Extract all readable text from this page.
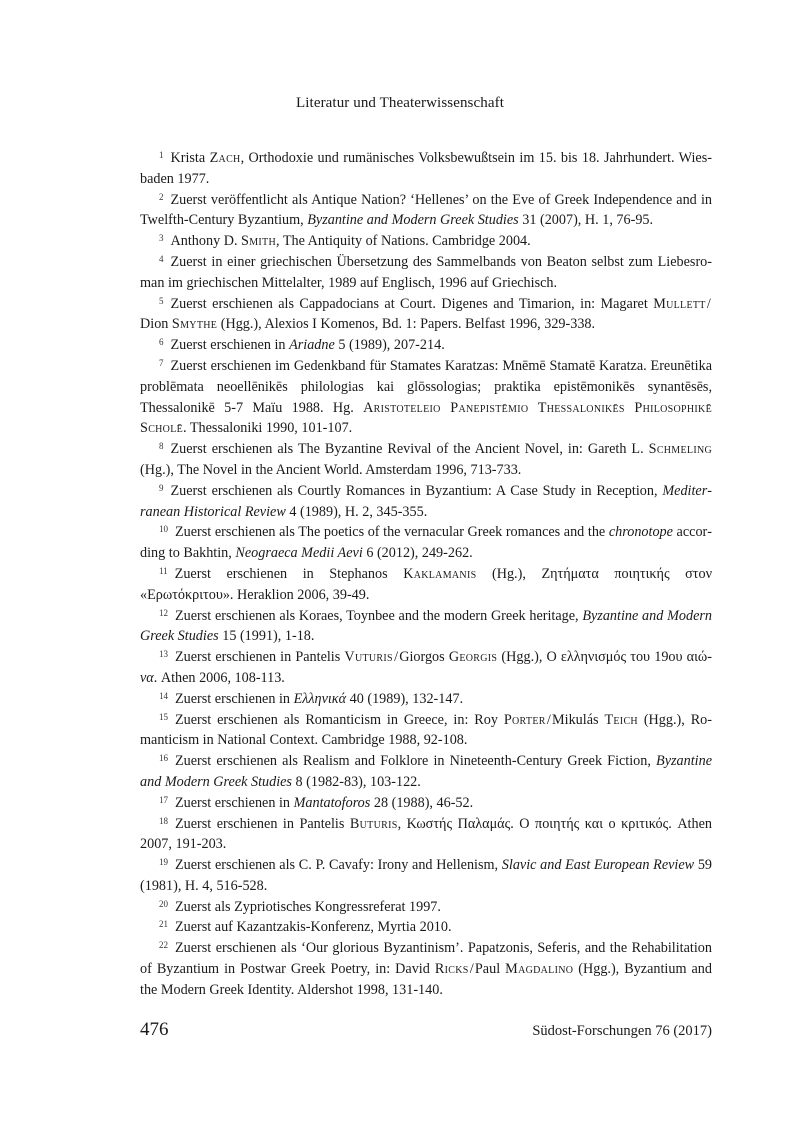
Literatur und Theaterwissenschaft

$^1$ Krista Zach, Orthodoxie und rumänisches Volksbewußtsein im 15. bis 18. Jahrhundert. Wiesbaden 1977.

$^2$ Zuerst veröffentlicht als Antique Nation? ‘Hellenes’ on the Eve of Greek Independence and in Twelfth-Century Byzantium, Byzantine and Modern Greek Studies 31 (2007), H. 1, 76-95.

$^3$ Anthony D. Smith, The Antiquity of Nations. Cambridge 2004.

$^4$ Zuerst in einer griechischen Übersetzung des Sammelbands von Beaton selbst zum Liebesroman im griechischen Mittelalter, 1989 auf Englisch, 1996 auf Griechisch.

$^5$ Zuerst erschienen als Cappadocians at Court. Digenes and Timarion, in: Magaret Mullett / Dion Smythe (Hgg.), Alexios I Komenos, Bd. 1: Papers. Belfast 1996, 329-338.

$^6$ Zuerst erschienen in Ariadne 5 (1989), 207-214.

$^7$ Zuerst erschienen im Gedenkband für Stamates Karatzas: Mnēmē Stamatē Karatza. Ereunētika problēmata neoellēnikēs philologias kai glōssologias; praktika epistēmonikēs synantēsēs, Thessalonikē 5-7 Maïu 1988. Hg. Aristoteleio Panepistēmio Thessalonikēs Philosophikē Scholē. Thessaloniki 1990, 101-107.

$^8$ Zuerst erschienen als The Byzantine Revival of the Ancient Novel, in: Gareth L. Schmeling (Hg.), The Novel in the Ancient World. Amsterdam 1996, 713-733.

$^9$ Zuerst erschienen als Courtly Romances in Byzantium: A Case Study in Reception, Mediterranean Historical Review 4 (1989), H. 2, 345-355.

$^{10}$ Zuerst erschienen als The poetics of the vernacular Greek romances and the chronotope according to Bakhtin, Neograeca Medii Aevi 6 (2012), 249-262.

$^{11}$ Zuerst erschienen in Stephanos Kaklamanis (Hg.), Ζητήματα ποιητικής στον «Ερωτόκριτου». Heraklion 2006, 39-49.

$^{12}$ Zuerst erschienen als Koraes, Toynbee and the modern Greek heritage, Byzantine and Modern Greek Studies 15 (1991), 1-18.

$^{13}$ Zuerst erschienen in Pantelis Vuturis / Giorgos Georgis (Hgg.), Ο ελληνισμός του 19ου αιώνα. Athen 2006, 108-113.

$^{14}$ Zuerst erschienen in Ελληνικά 40 (1989), 132-147.

$^{15}$ Zuerst erschienen als Romanticism in Greece, in: Roy Porter / Mikulás Teich (Hgg.), Romanticism in National Context. Cambridge 1988, 92-108.

$^{16}$ Zuerst erschienen als Realism and Folklore in Nineteenth-Century Greek Fiction, Byzantine and Modern Greek Studies 8 (1982-83), 103-122.

$^{17}$ Zuerst erschienen in Mantatoforos 28 (1988), 46-52.

$^{18}$ Zuerst erschienen in Pantelis Buturis, Κωστής Παλαμάς. Ο ποιητής και ο κριτικός. Athen 2007, 191-203.

$^{19}$ Zuerst erschienen als C. P. Cavafy: Irony and Hellenism, Slavic and East European Review 59 (1981), H. 4, 516-528.

$^{20}$ Zuerst als Zypriotisches Kongressreferat 1997.

$^{21}$ Zuerst auf Kazantzakis-Konferenz, Myrtia 2010.

$^{22}$ Zuerst erschienen als ‘Our glorious Byzantinism’. Papatzonis, Seferis, and the Rehabilitation of Byzantium in Postwar Greek Poetry, in: David Ricks / Paul Magdalino (Hgg.), Byzantium and the Modern Greek Identity. Aldershot 1998, 131-140.

476	Südost-Forschungen 76 (2017)
